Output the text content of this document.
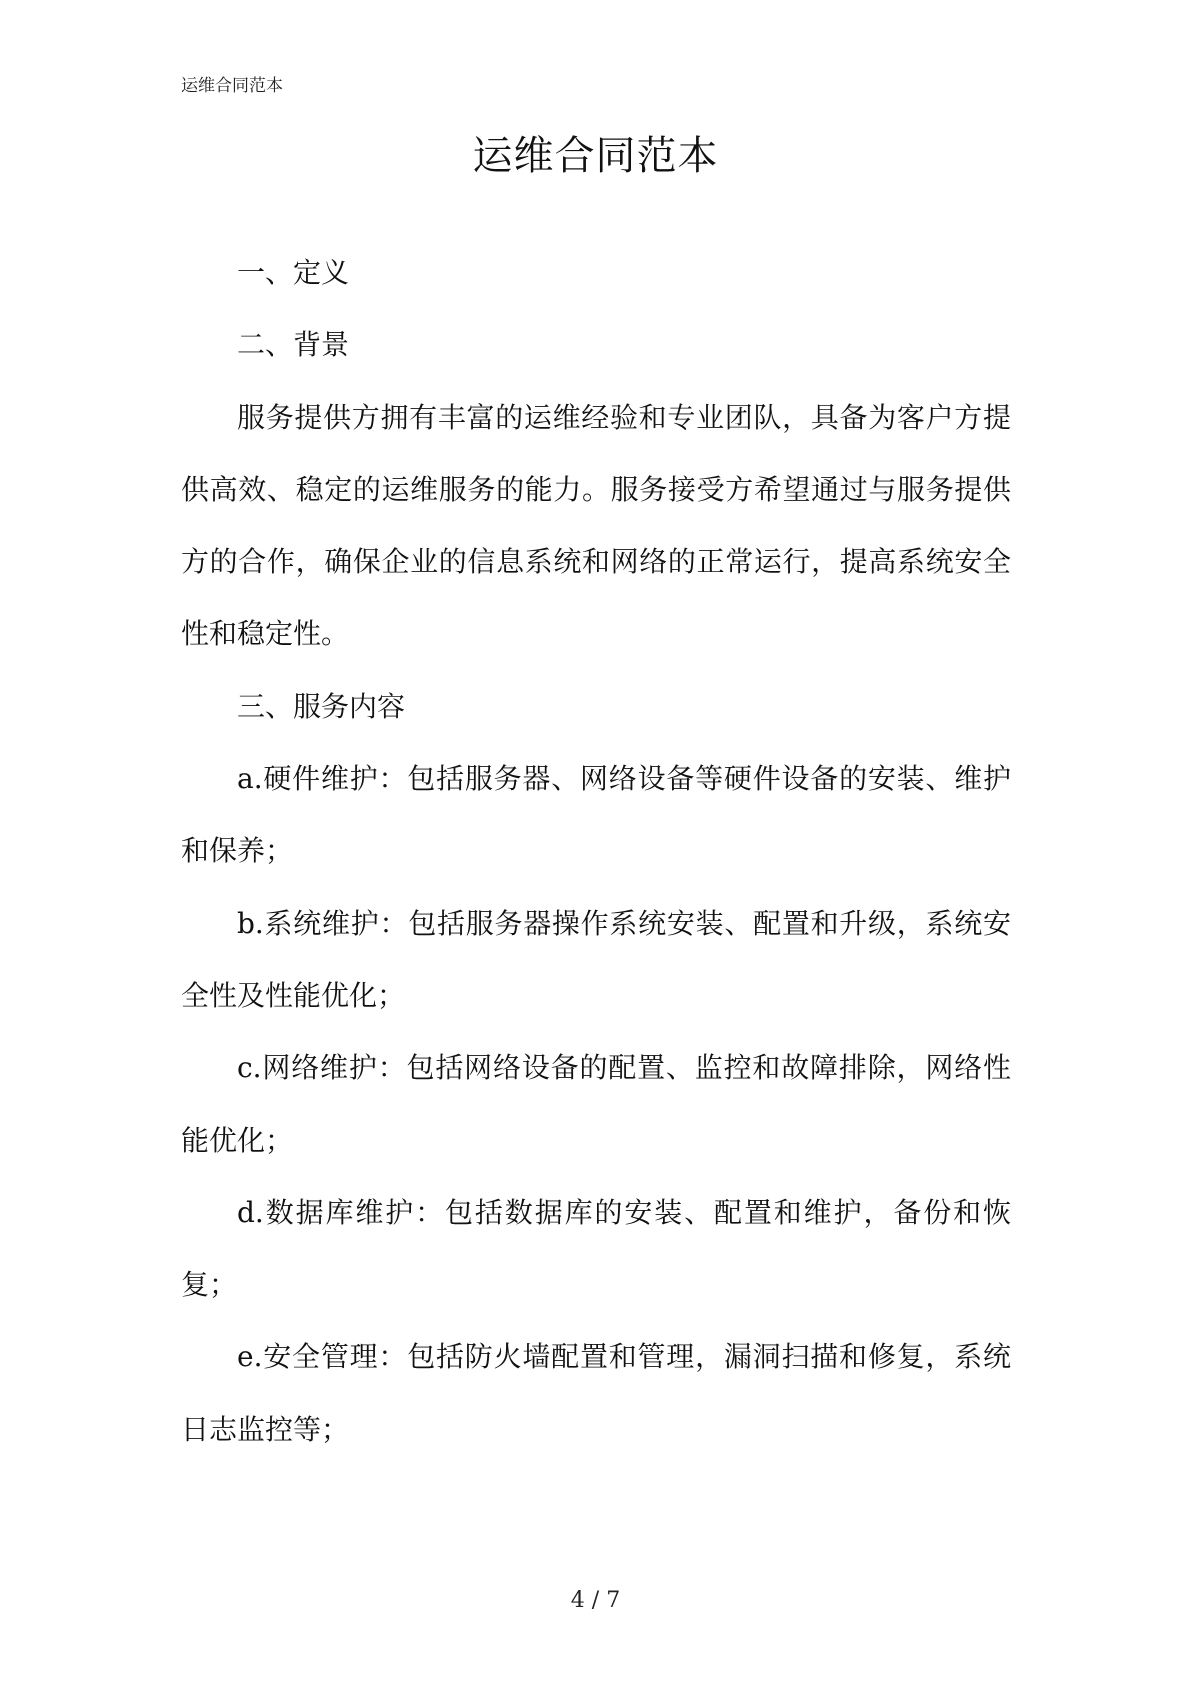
运维合同范本
运维合同范本

一、定义

二、背景

服务提供方拥有丰富的运维经验和专业团队，具备为客户方提供高效、稳定的运维服务的能力。服务接受方希望通过与服务提供方的合作，确保企业的信息系统和网络的正常运行，提高系统安全性和稳定性。

三、服务内容

a.硬件维护：包括服务器、网络设备等硬件设备的安装、维护和保养；

b.系统维护：包括服务器操作系统安装、配置和升级，系统安全性及性能优化；

c.网络维护：包括网络设备的配置、监控和故障排除，网络性能优化；

d.数据库维护：包括数据库的安装、配置和维护，备份和恢复；

e.安全管理：包括防火墙配置和管理，漏洞扫描和修复，系统日志监控等；

4 / 7
